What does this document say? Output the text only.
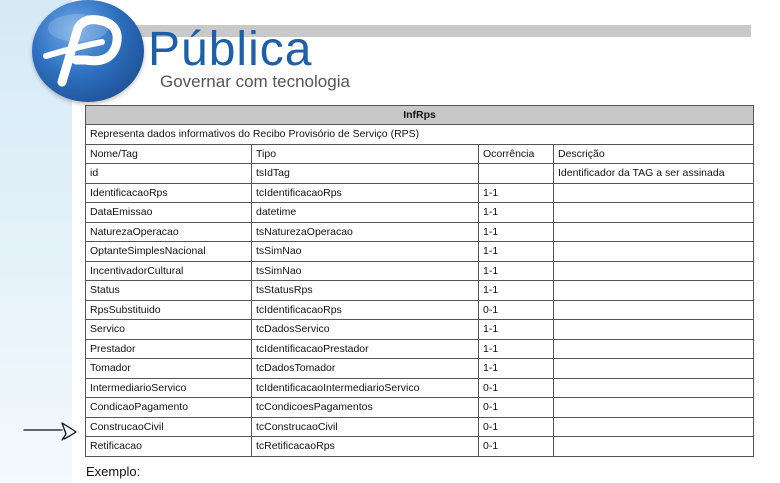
Pública
Governar com tecnologia
InfRps			
Representa dados informativos do Recibo Provisório de Serviço (RPS)			
Nome/Tag	Tipo	Ocorrência	Descrição
id	tsIdTag		Identificador da TAG a ser assinada
IdentificacaoRps	tcIdentificacaoRps	1-1	
DataEmissao	datetime	1-1	
NaturezaOperacao	tsNaturezaOperacao	1-1	
OptanteSimplesNacional	tsSimNao	1-1	
IncentivadorCultural	tsSimNao	1-1	
Status	tsStatusRps	1-1	
RpsSubstituido	tcIdentificacaoRps	0-1	
Servico	tcDadosServico	1-1	
Prestador	tcIdentificacaoPrestador	1-1	
Tomador	tcDadosTomador	1-1	
IntermediarioServico	tcIdentificacaoIntermediarioServico	0-1	
CondicaoPagamento	tcCondicoesPagamentos	0-1	
ConstrucaoCivil	tcConstrucaoCivil	0-1	
Retificacao	tcRetificacaoRps	0-1	
Exemplo:
